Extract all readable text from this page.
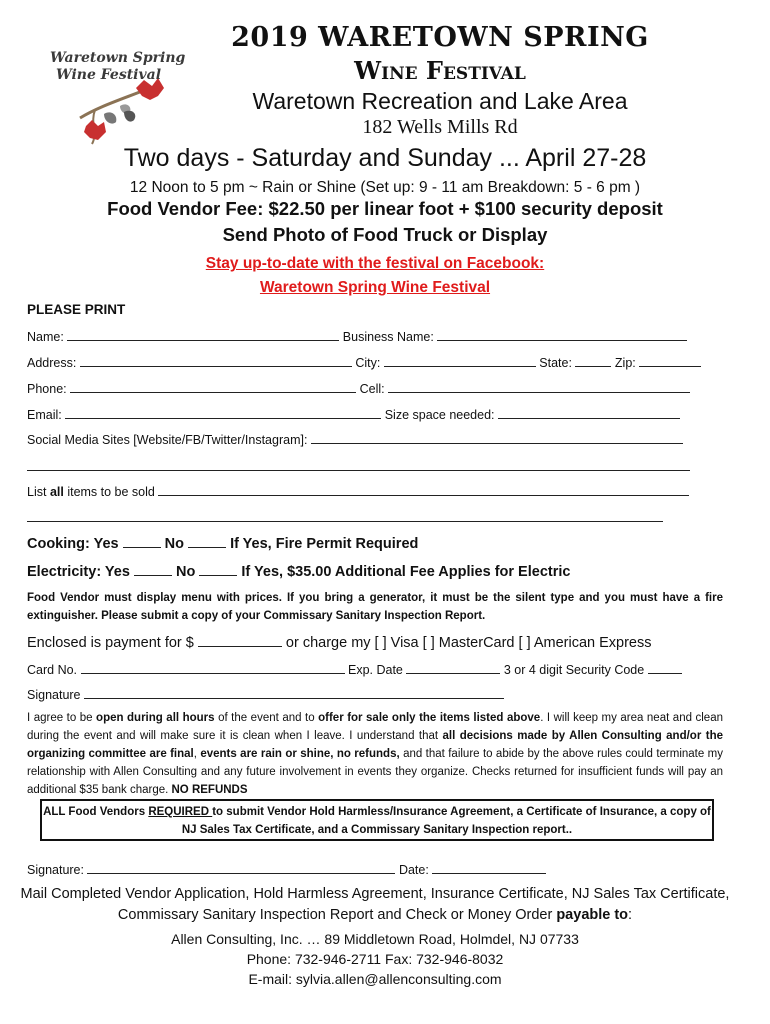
Waretown Spring
Wine Festival
2019 WARETOWN SPRING
Wine Festival
Waretown Recreation and Lake Area
182 Wells Mills Rd
Two days - Saturday and Sunday ... April 27-28
12 Noon to 5 pm ~ Rain or Shine (Set up: 9 - 11 am Breakdown: 5 - 6 pm )
Food Vendor Fee: $22.50 per linear foot + $100 security deposit
Send Photo of Food Truck or Display
Stay up-to-date with the festival on Facebook:
Waretown Spring Wine Festival
PLEASE PRINT
Name:	Business Name:
Address:	City:	State:	Zip:
Phone:	Cell:
Email:	Size space needed:
Social Media Sites [Website/FB/Twitter/Instagram]:
List all items to be sold
Cooking: Yes	No	If Yes, Fire Permit Required
Electricity: Yes	No	If Yes, $35.00 Additional Fee Applies for Electric
Food Vendor must display menu with prices. If you bring a generator, it must be the silent type and you must have a fire extinguisher. Please submit a copy of your Commissary Sanitary Inspection Report.
Enclosed is payment for $	or charge my [ ] Visa [ ] MasterCard [ ] American Express
Card No.	Exp. Date	3 or 4 digit Security Code
Signature
I agree to be open during all hours of the event and to offer for sale only the items listed above. I will keep my area neat and clean during the event and will make sure it is clean when I leave. I understand that all decisions made by Allen Consulting and/or the organizing committee are final, events are rain or shine, no refunds, and that failure to abide by the above rules could terminate my relationship with Allen Consulting and any future involvement in events they organize. Checks returned for insufficient funds will pay an additional $35 bank charge. NO REFUNDS
ALL Food Vendors REQUIRED to submit Vendor Hold Harmless/Insurance Agreement, a Certificate of Insurance, a copy of
NJ Sales Tax Certificate, and a Commissary Sanitary Inspection report..
Signature:	Date:
Mail Completed Vendor Application, Hold Harmless Agreement, Insurance Certificate, NJ Sales Tax Certificate,
Commissary Sanitary Inspection Report and Check or Money Order payable to:
Allen Consulting, Inc. … 89 Middletown Road, Holmdel, NJ 07733
Phone: 732-946-2711 Fax: 732-946-8032
E-mail: sylvia.allen@allenconsulting.com
